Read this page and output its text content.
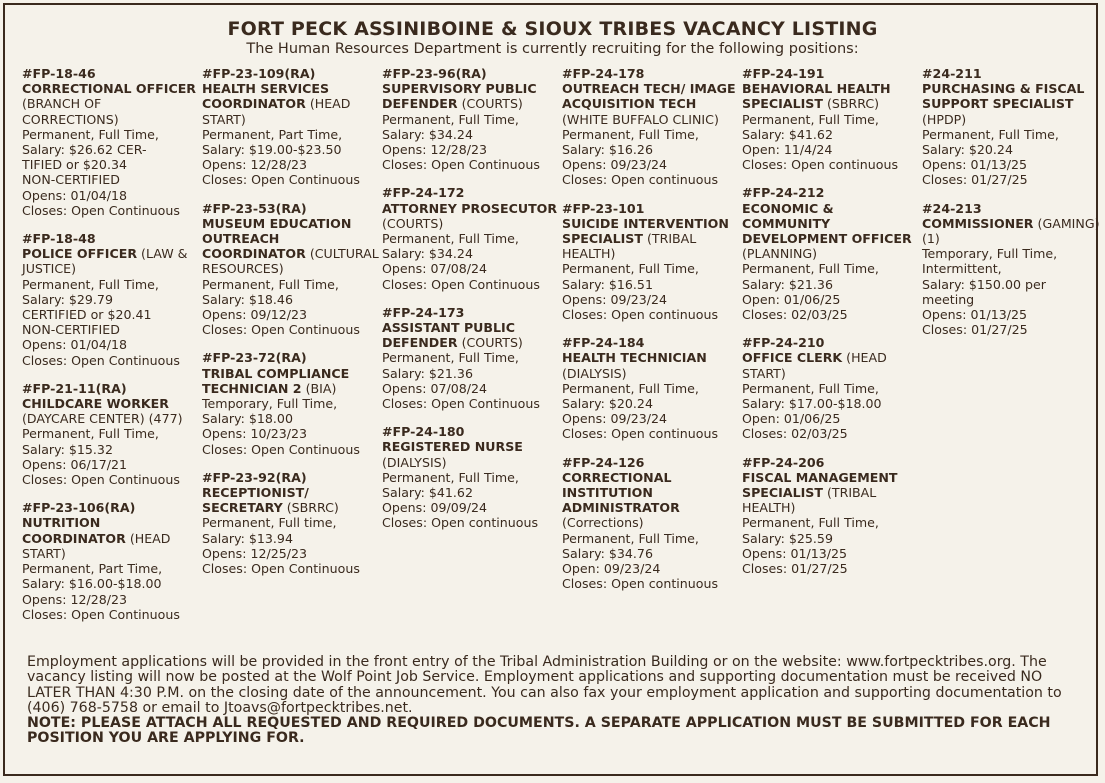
FORT PECK ASSINIBOINE & SIOUX TRIBES VACANCY LISTING
The Human Resources Department is currently recruiting for the following positions:
#FP-18-46
CORRECTIONAL OFFICER (BRANCH OF CORRECTIONS)
Permanent, Full Time,
Salary: $26.62 CER-
TIFIED or $20.34
NON-CERTIFIED
Opens: 01/04/18
Closes: Open Continuous
#FP-18-48
POLICE OFFICER (LAW & JUSTICE)
Permanent, Full Time,
Salary: $29.79
CERTIFIED or $20.41
NON-CERTIFIED
Opens: 01/04/18
Closes: Open Continuous
#FP-21-11(RA)
CHILDCARE WORKER (DAYCARE CENTER) (477)
Permanent, Full Time,
Salary: $15.32
Opens: 06/17/21
Closes: Open Continuous
#FP-23-106(RA)
NUTRITION COORDINATOR (HEAD START)
Permanent, Part Time,
Salary: $16.00-$18.00
Opens: 12/28/23
Closes: Open Continuous
#FP-23-109(RA)
HEALTH SERVICES COORDINATOR (HEAD START)
Permanent, Part Time,
Salary: $19.00-$23.50
Opens: 12/28/23
Closes: Open Continuous
#FP-23-53(RA)
MUSEUM EDUCATION OUTREACH COORDINATOR (CULTURAL RESOURCES)
Permanent, Full Time,
Salary: $18.46
Opens: 09/12/23
Closes: Open Continuous
#FP-23-72(RA)
TRIBAL COMPLIANCE TECHNICIAN 2 (BIA)
Temporary, Full Time,
Salary: $18.00
Opens: 10/23/23
Closes: Open Continuous
#FP-23-92(RA)
RECEPTIONIST/ SECRETARY (SBRRC)
Permanent, Full time,
Salary: $13.94
Opens: 12/25/23
Closes: Open Continuous
#FP-23-96(RA)
SUPERVISORY PUBLIC DEFENDER (COURTS)
Permanent, Full Time,
Salary: $34.24
Opens: 12/28/23
Closes: Open Continuous
#FP-24-172
ATTORNEY PROSECUTOR (COURTS)
Permanent, Full Time,
Salary: $34.24
Opens: 07/08/24
Closes: Open Continuous
#FP-24-173
ASSISTANT PUBLIC DEFENDER (COURTS)
Permanent, Full Time,
Salary: $21.36
Opens: 07/08/24
Closes: Open Continuous
#FP-24-180
REGISTERED NURSE (DIALYSIS)
Permanent, Full Time,
Salary: $41.62
Opens: 09/09/24
Closes: Open continuous
#FP-24-178
OUTREACH TECH/ IMAGE ACQUISITION TECH (WHITE BUFFALO CLINIC)
Permanent, Full Time,
Salary: $16.26
Opens: 09/23/24
Closes: Open continuous
#FP-23-101
SUICIDE INTERVENTION SPECIALIST (TRIBAL HEALTH)
Permanent, Full Time,
Salary: $16.51
Opens: 09/23/24
Closes: Open continuous
#FP-24-184
HEALTH TECHNICIAN (DIALYSIS)
Permanent, Full Time,
Salary: $20.24
Opens: 09/23/24
Closes: Open continuous
#FP-24-126
CORRECTIONAL INSTITUTION ADMINISTRATOR (Corrections)
Permanent, Full Time,
Salary: $34.76
Open: 09/23/24
Closes: Open continuous
#FP-24-191
BEHAVIORAL HEALTH SPECIALIST (SBRRC)
Permanent, Full Time,
Salary: $41.62
Open: 11/4/24
Closes: Open continuous
#FP-24-212
ECONOMIC & COMMUNITY DEVELOPMENT OFFICER (PLANNING)
Permanent, Full Time,
Salary: $21.36
Open: 01/06/25
Closes: 02/03/25
#FP-24-210
OFFICE CLERK (HEAD START)
Permanent, Full Time,
Salary: $17.00-$18.00
Open: 01/06/25
Closes: 02/03/25
#FP-24-206
FISCAL MANAGEMENT SPECIALIST (TRIBAL HEALTH)
Permanent, Full Time,
Salary: $25.59
Opens: 01/13/25
Closes: 01/27/25
#24-211
PURCHASING & FISCAL SUPPORT SPECIALIST (HPDP)
Permanent, Full Time,
Salary: $20.24
Opens: 01/13/25
Closes: 01/27/25
#24-213
COMMISSIONER (GAMING) (1)
Temporary, Full Time, Intermittent,
Salary: $150.00 per meeting
Opens: 01/13/25
Closes: 01/27/25
Employment applications will be provided in the front entry of the Tribal Administration Building or on the website: www.fortpecktribes.org. The vacancy listing will now be posted at the Wolf Point Job Service. Employment applications and supporting documentation must be received NO LATER THAN 4:30 P.M. on the closing date of the announcement. You can also fax your employment application and supporting documentation to (406) 768-5758 or email to Jtoavs@fortpecktribes.net.
NOTE: PLEASE ATTACH ALL REQUESTED AND REQUIRED DOCUMENTS. A SEPARATE APPLICATION MUST BE SUBMITTED FOR EACH POSITION YOU ARE APPLYING FOR.
